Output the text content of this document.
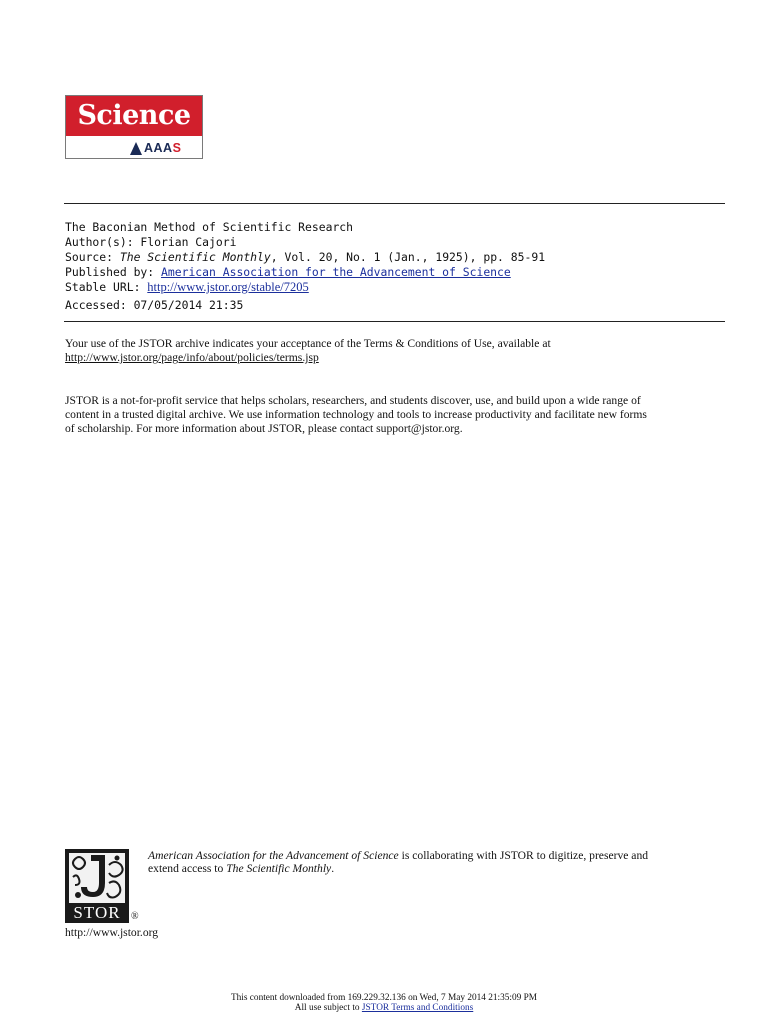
Science
AAAS
The Baconian Method of Scientific Research
Author(s): Florian Cajori
Source: The Scientific Monthly, Vol. 20, No. 1 (Jan., 1925), pp. 85-91
Published by: American Association for the Advancement of Science
Stable URL: http://www.jstor.org/stable/7205
Accessed: 07/05/2014 21:35
Your use of the JSTOR archive indicates your acceptance of the Terms & Conditions of Use, available at
http://www.jstor.org/page/info/about/policies/terms.jsp
JSTOR is a not-for-profit service that helps scholars, researchers, and students discover, use, and build upon a wide range of
content in a trusted digital archive. We use information technology and tools to increase productivity and facilitate new forms
of scholarship. For more information about JSTOR, please contact support@jstor.org.
STOR	®
http://www.jstor.org
American Association for the Advancement of Science is collaborating with JSTOR to digitize, preserve and
extend access to The Scientific Monthly.
This content downloaded from 169.229.32.136 on Wed, 7 May 2014 21:35:09 PM
All use subject to JSTOR Terms and Conditions
